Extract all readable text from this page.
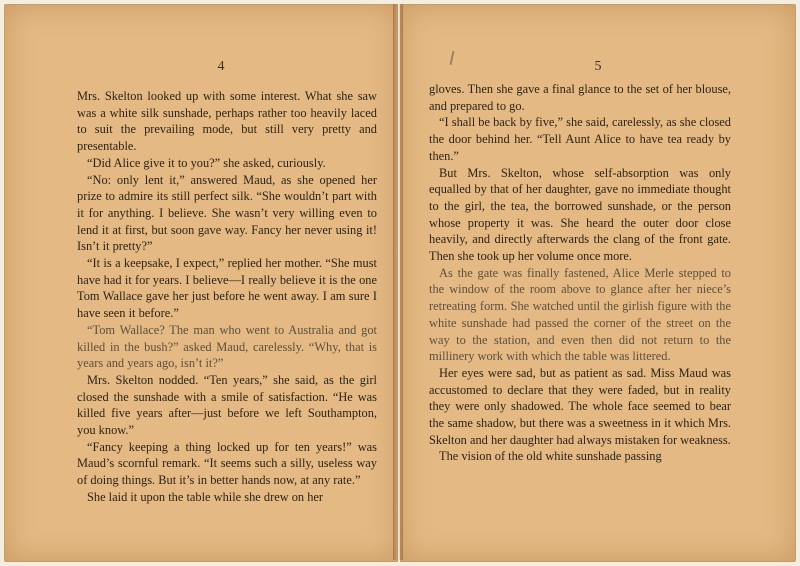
4

Mrs. Skelton looked up with some interest. What she saw was a white silk sunshade, perhaps rather too heavily laced to suit the prevailing mode, but still very pretty and presentable.

“Did Alice give it to you?” she asked, curiously.

“No: only lent it,” answered Maud, as she opened her prize to admire its still perfect silk. “She wouldn’t part with it for anything. I believe. She wasn’t very willing even to lend it at first, but soon gave way. Fancy her never using it! Isn’t it pretty?”

“It is a keepsake, I expect,” replied her mother. “She must have had it for years. I believe—I really believe it is the one Tom Wallace gave her just before he went away. I am sure I have seen it before.”

“Tom Wallace? The man who went to Australia and got killed in the bush?” asked Maud, carelessly. “Why, that is years and years ago, isn’t it?”

Mrs. Skelton nodded. “Ten years,” she said, as the girl closed the sunshade with a smile of satisfaction. “He was killed five years after—just before we left Southampton, you know.”

“Fancy keeping a thing locked up for ten years!” was Maud’s scornful remark. “It seems such a silly, useless way of doing things. But it’s in better hands now, at any rate.”

She laid it upon the table while she drew on her

5

gloves. Then she gave a final glance to the set of her blouse, and prepared to go.

“I shall be back by five,” she said, carelessly, as she closed the door behind her. “Tell Aunt Alice to have tea ready by then.”

But Mrs. Skelton, whose self-absorption was only equalled by that of her daughter, gave no immediate thought to the girl, the tea, the borrowed sunshade, or the person whose property it was. She heard the outer door close heavily, and directly afterwards the clang of the front gate. Then she took up her volume once more.

As the gate was finally fastened, Alice Merle stepped to the window of the room above to glance after her niece’s retreating form. She watched until the girlish figure with the white sunshade had passed the corner of the street on the way to the station, and even then did not return to the millinery work with which the table was littered.

Her eyes were sad, but as patient as sad. Miss Maud was accustomed to declare that they were faded, but in reality they were only shadowed. The whole face seemed to bear the same shadow, but there was a sweetness in it which Mrs. Skelton and her daughter had always mistaken for weakness.

The vision of the old white sunshade passing
